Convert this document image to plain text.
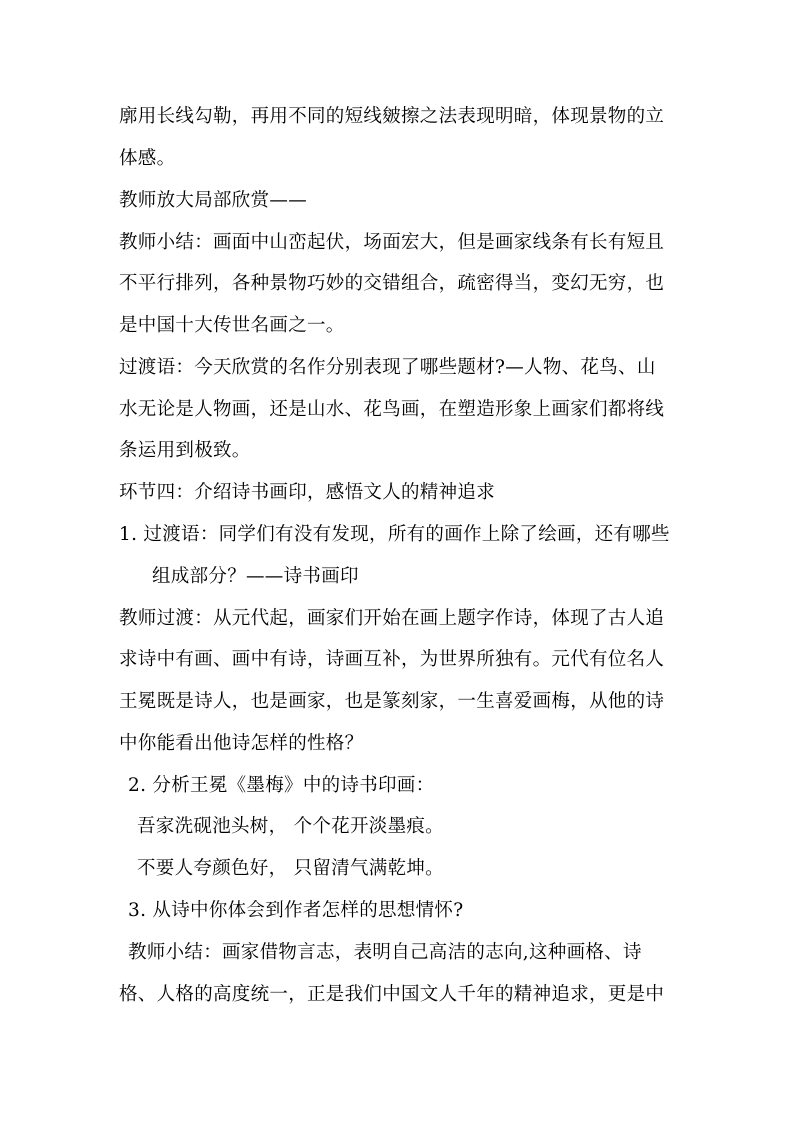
廓用长线勾勒，再用不同的短线皴擦之法表现明暗，体现景物的立
体感。
教师放大局部欣赏——
教师小结：画面中山峦起伏，场面宏大，但是画家线条有长有短且
不平行排列，各种景物巧妙的交错组合，疏密得当，变幻无穷，也
是中国十大传世名画之一。
过渡语：今天欣赏的名作分别表现了哪些题材?—人物、花鸟、山
水无论是人物画，还是山水、花鸟画，在塑造形象上画家们都将线
条运用到极致。
环节四：介绍诗书画印，感悟文人的精神追求
1. 过渡语：同学们有没有发现，所有的画作上除了绘画，还有哪些
组成部分？——诗书画印
教师过渡：从元代起，画家们开始在画上题字作诗，体现了古人追
求诗中有画、画中有诗，诗画互补，为世界所独有。元代有位名人
王冕既是诗人，也是画家，也是篆刻家，一生喜爱画梅，从他的诗
中你能看出他诗怎样的性格？
2. 分析王冕《墨梅》中的诗书印画：
吾家洗砚池头树， 个个花开淡墨痕。
不要人夸颜色好， 只留清气满乾坤。
3. 从诗中你体会到作者怎样的思想情怀?
教师小结：画家借物言志，表明自己高洁的志向,这种画格、诗
格、人格的高度统一，正是我们中国文人千年的精神追求，更是中
